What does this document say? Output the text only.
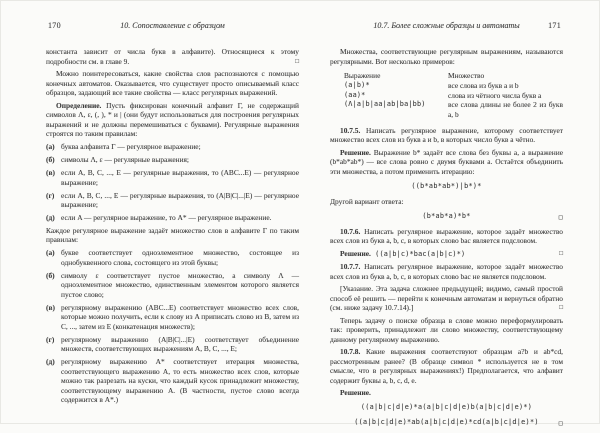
170	10. Сопоставление с образцом

константа зависит от числа букв в алфавите). Относящиеся к этому подробности см. в главе 9.	□

Можно поинтересоваться, какие свойства слов распознаются с помощью конечных автоматов. Оказывается, что существует просто описываемый класс образцов, задающий все такие свойства — класс регулярных выражений.

Определение. Пусть фиксирован конечный алфавит Γ, не содержащий символов Λ, ε, (, ), * и | (они будут использоваться для построения регулярных выражений и не должны перемешиваться с буквами). Регулярные выражения строятся по таким правилам:

(а) буква алфавита Γ — регулярное выражение;
(б) символы Λ, ε — регулярные выражения;
(в) если A, B, C, ..., E — регулярные выражения, то (ABC...E) — регулярное выражение;
(г) если A, B, C, ..., E — регулярные выражения, то (A|B|C|...|E) — регулярное выражение;
(д) если A — регулярное выражение, то A* — регулярное выражение.

Каждое регулярное выражение задаёт множество слов в алфавите Γ по таким правилам:

(а) букве соответствует одноэлементное множество, состоящее из однобуквенного слова, состоящего из этой буквы;
(б) символу ε соответствует пустое множество, а символу Λ — одноэлементное множество, единственным элементом которого является пустое слово;
(в) регулярному выражению (ABC...E) соответствует множество всех слов, которые можно получить, если к слову из A приписать слово из B, затем из C, ..., затем из E (конкатенация множеств);
(г) регулярному выражению (A|B|C|...|E) соответствует объединение множеств, соответствующих выражениям A, B, C, ..., E;
(д) регулярному выражению A* соответствует итерация множества, соответствующего выражению A, то есть множество всех слов, которые можно так разрезать на куски, что каждый кусок принадлежит множеству, соответствующему выражению A. (В частности, пустое слово всегда содержится в A*.)
10.7. Более сложные образцы и автоматы	171

Множества, соответствующие регулярным выражениям, называются регулярными. Вот несколько примеров:

Выражение	Множество
(a|b)*	все слова из букв a и b
(aa)*	слова из чётного числа букв a
(Λ|a|b|aa|ab|ba|bb)	все слова длины не более 2 из букв a, b

10.7.5. Написать регулярное выражение, которому соответствует множество всех слов из букв a и b, в которых число букв a чётно.

Решение. Выражение b* задаёт все слова без буквы a, а выражение (b*ab*ab*) — все слова ровно с двумя буквами a. Остаётся объединить эти множества, а потом применить итерацию:

((b*ab*ab*)|b*)*

Другой вариант ответа:

(b*ab*a)*b*	□

10.7.6. Написать регулярное выражение, которое задаёт множество всех слов из букв a, b, c, в которых слово bac является подсловом.

□
Решение. ((a|b|c)*bac(a|b|c)*)

10.7.7. Написать регулярное выражение, которое задаёт множество всех слов из букв a, b, c, в которых слово bac не является подсловом.

[Указание. Эта задача сложнее предыдущей; видимо, самый простой способ её решить — перейти к конечным автоматам и вернуться обратно (см. ниже задачу 10.7.14).]	□

Теперь задачу о поиске образца в слове можно переформулировать так: проверить, принадлежит ли слово множеству, соответствующему данному регулярному выражению.

10.7.8. Какие выражения соответствуют образцам a?b и ab*cd, рассмотренным ранее? (В образце символ * используется не в том смысле, что в регулярных выражениях!) Предполагается, что алфавит содержит буквы a, b, c, d, e.

Решение.

((a|b|c|d|e)*a(a|b|c|d|e)b(a|b|c|d|e)*)
((a|b|c|d|e)*ab(a|b|c|d|e)*cd(a|b|c|d|e)*)	□
